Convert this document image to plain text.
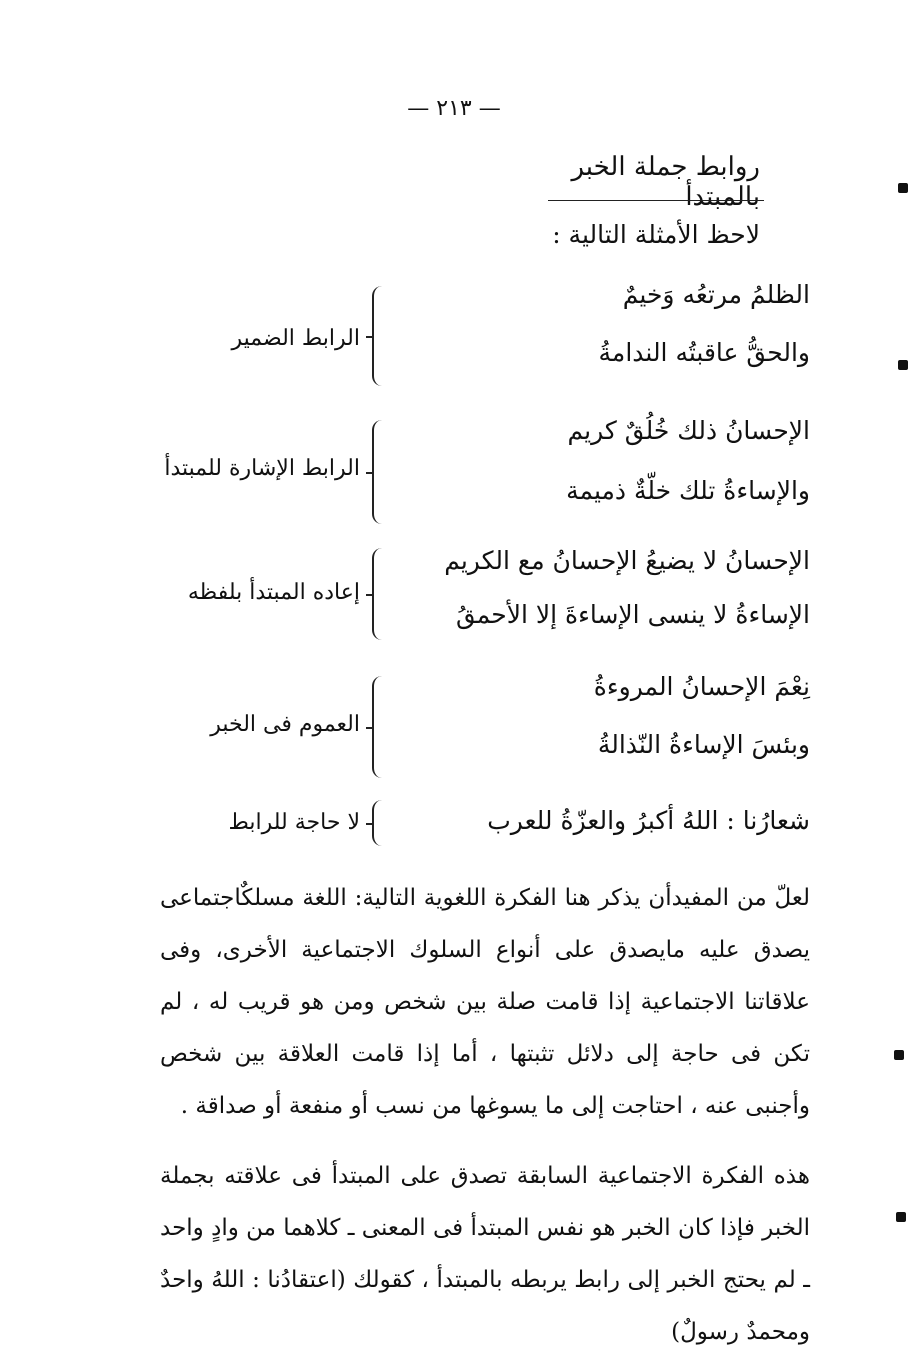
— ٢١٣ —
روابط جملة الخبر بالمبتدأ
لاحظ الأمثلة التالية :
الظلمُ مرتعُه وَخيمٌ
والحقُّ عاقبتُه الندامةُ
الرابط الضمير
الإحسانُ ذلك خُلُقٌ كريم
والإساءةُ تلك خلّةٌ ذميمة
الرابط الإشارة للمبتدأ
الإحسانُ لا يضيعُ الإحسانُ مع الكريم
الإساءةُ لا ينسى الإساءةَ إلا الأحمقُ
إعاده المبتدأ بلفظه
نِعْمَ الإحسانُ المروءةُ
وبئسَ الإساءةُ النّذالةُ
العموم فى الخبر
شعارُنا : اللهُ أكبرُ والعزّةُ للعرب
لا حاجة للرابط
لعلّ من المفيدأن يذكر هنا الفكرة اللغوية التالية: اللغة مسلكٌاجتماعى يصدق عليه مايصدق على أنواع السلوك الاجتماعية الأخرى، وفى علاقاتنا الاجتماعية إذا قامت صلة بين شخص ومن هو قريب له ، لم تكن فى حاجة إلى دلائل تثبتها ، أما إذا قامت العلاقة بين شخص وأجنبى عنه ، احتاجت إلى ما يسوغها من نسب أو منفعة أو صداقة .
هذه الفكرة الاجتماعية السابقة تصدق على المبتدأ فى علاقته بجملة الخبر فإذا كان الخبر هو نفس المبتدأ فى المعنى ـ كلاهما من وادٍ واحد ـ لم يحتج الخبر إلى رابط يربطه بالمبتدأ ، كقولك (اعتقادُنا : اللهُ واحدٌ ومحمدٌ رسولٌ)
